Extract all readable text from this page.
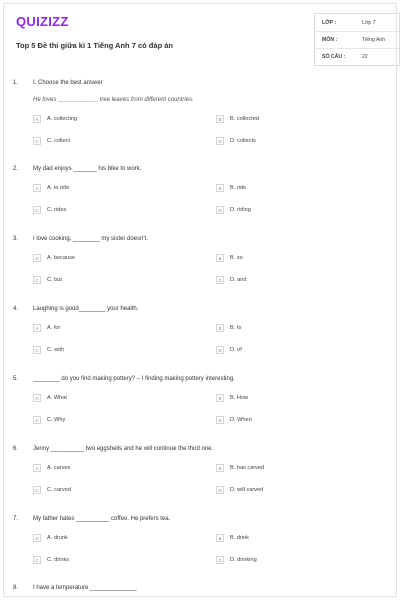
QUIZIZZ
Top 5 Đề thi giữa kì 1 Tiếng Anh 7 có đáp án
LỚP :	Lớp 7
MÔN :	Tiếng Anh
SỐ CÂU :	22
1. I. Choose the best answer
He loves ____________ tree leaves from different countries.
A	A. collecting	B	B. collected
C	C. collect	D	D. collects
2. My dad enjoys _______ his bike to work.
A	A. to ride	B	B. ride
C	C. rides	D	D. riding
3. I love cooking, ________ my sister doesn't.
A	A. because	B	B. so
C	C. but	D	D. and
4. Laughing is good________ your health.
A	A. for	B	B. to
C	C. with	D	D. of
5. ________ do you find making pottery? – I finding making pottery interesting.
A	A. What	B	B. How
C	C. Why	D	D. When
6. Jenny __________ two eggshells and he will continue the third one.
A	A. carves	B	B. has carved
C	C. carved	D	D. will carved
7. My father hates __________ coffee. He prefers tea.
A	A. drunk	B	B. drink
C	C. drinks	D	D. drinking
8. I have a temperature ______________
